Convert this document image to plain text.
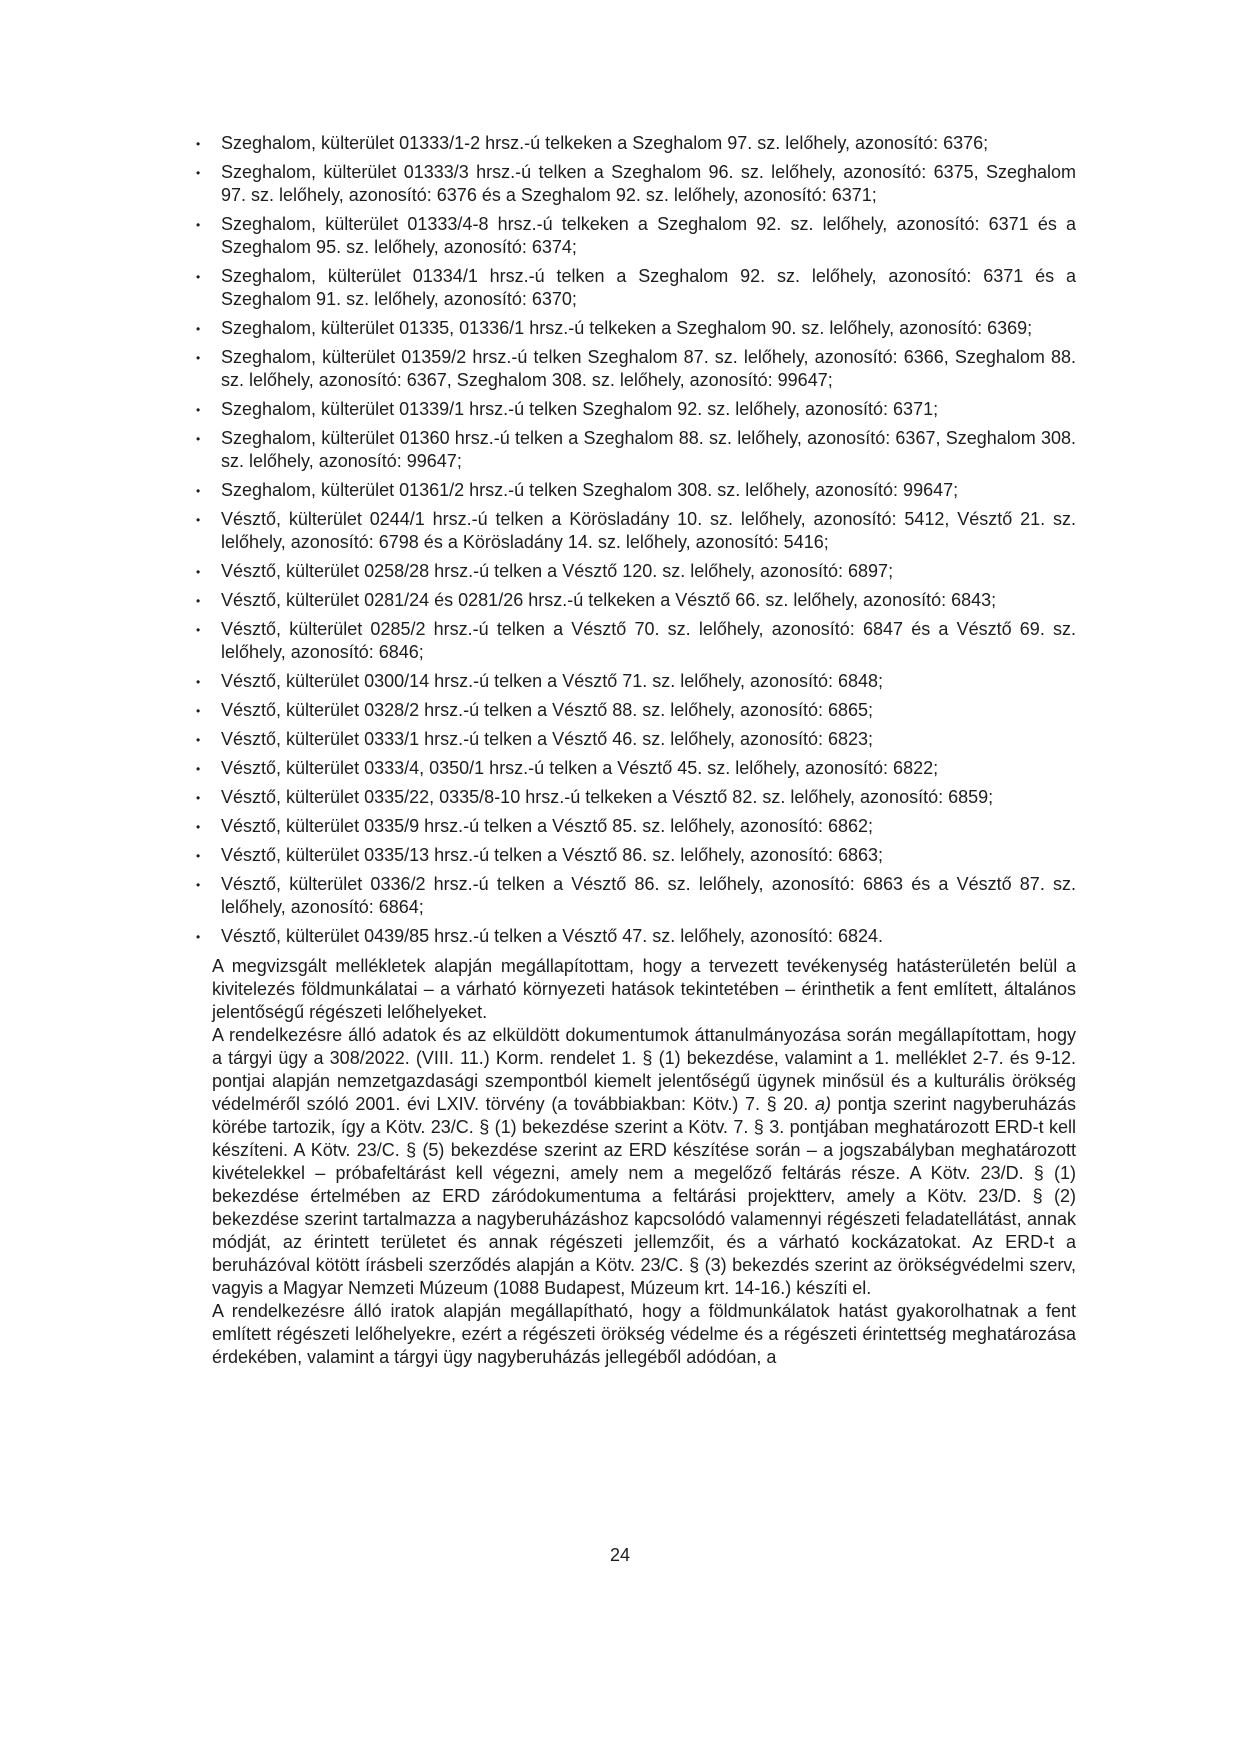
• Szeghalom, külterület 01333/1-2 hrsz.-ú telkeken a Szeghalom 97. sz. lelőhely, azonosító: 6376;
• Szeghalom, külterület 01333/3 hrsz.-ú telken a Szeghalom 96. sz. lelőhely, azonosító: 6375, Szeghalom 97. sz. lelőhely, azonosító: 6376 és a Szeghalom 92. sz. lelőhely, azonosító: 6371;
• Szeghalom, külterület 01333/4-8 hrsz.-ú telkeken a Szeghalom 92. sz. lelőhely, azonosító: 6371 és a Szeghalom 95. sz. lelőhely, azonosító: 6374;
• Szeghalom, külterület 01334/1 hrsz.-ú telken a Szeghalom 92. sz. lelőhely, azonosító: 6371 és a Szeghalom 91. sz. lelőhely, azonosító: 6370;
• Szeghalom, külterület 01335, 01336/1 hrsz.-ú telkeken a Szeghalom 90. sz. lelőhely, azonosító: 6369;
• Szeghalom, külterület 01359/2 hrsz.-ú telken Szeghalom 87. sz. lelőhely, azonosító: 6366, Szeghalom 88. sz. lelőhely, azonosító: 6367, Szeghalom 308. sz. lelőhely, azonosító: 99647;
• Szeghalom, külterület 01339/1 hrsz.-ú telken Szeghalom 92. sz. lelőhely, azonosító: 6371;
• Szeghalom, külterület 01360 hrsz.-ú telken a Szeghalom 88. sz. lelőhely, azonosító: 6367, Szeghalom 308. sz. lelőhely, azonosító: 99647;
• Szeghalom, külterület 01361/2 hrsz.-ú telken Szeghalom 308. sz. lelőhely, azonosító: 99647;
• Vésztő, külterület 0244/1 hrsz.-ú telken a Körösladány 10. sz. lelőhely, azonosító: 5412, Vésztő 21. sz. lelőhely, azonosító: 6798 és a Körösladány 14. sz. lelőhely, azonosító: 5416;
• Vésztő, külterület 0258/28 hrsz.-ú telken a Vésztő 120. sz. lelőhely, azonosító: 6897;
• Vésztő, külterület 0281/24 és 0281/26 hrsz.-ú telkeken a Vésztő 66. sz. lelőhely, azonosító: 6843;
• Vésztő, külterület 0285/2 hrsz.-ú telken a Vésztő 70. sz. lelőhely, azonosító: 6847 és a Vésztő 69. sz. lelőhely, azonosító: 6846;
• Vésztő, külterület 0300/14 hrsz.-ú telken a Vésztő 71. sz. lelőhely, azonosító: 6848;
• Vésztő, külterület 0328/2 hrsz.-ú telken a Vésztő 88. sz. lelőhely, azonosító: 6865;
• Vésztő, külterület 0333/1 hrsz.-ú telken a Vésztő 46. sz. lelőhely, azonosító: 6823;
• Vésztő, külterület 0333/4, 0350/1 hrsz.-ú telken a Vésztő 45. sz. lelőhely, azonosító: 6822;
• Vésztő, külterület 0335/22, 0335/8-10 hrsz.-ú telkeken a Vésztő 82. sz. lelőhely, azonosító: 6859;
• Vésztő, külterület 0335/9 hrsz.-ú telken a Vésztő 85. sz. lelőhely, azonosító: 6862;
• Vésztő, külterület 0335/13 hrsz.-ú telken a Vésztő 86. sz. lelőhely, azonosító: 6863;
• Vésztő, külterület 0336/2 hrsz.-ú telken a Vésztő 86. sz. lelőhely, azonosító: 6863 és a Vésztő 87. sz. lelőhely, azonosító: 6864;
• Vésztő, külterület 0439/85 hrsz.-ú telken a Vésztő 47. sz. lelőhely, azonosító: 6824.

A megvizsgált mellékletek alapján megállapítottam, hogy a tervezett tevékenység hatásterületén belül a kivitelezés földmunkálatai – a várható környezeti hatások tekintetében – érinthetik a fent említett, általános jelentőségű régészeti lelőhelyeket.

A rendelkezésre álló adatok és az elküldött dokumentumok áttanulmányozása során megállapítottam, hogy a tárgyi ügy a 308/2022. (VIII. 11.) Korm. rendelet 1. § (1) bekezdése, valamint a 1. melléklet 2-7. és 9-12. pontjai alapján nemzetgazdasági szempontból kiemelt jelentőségű ügynek minősül és a kulturális örökség védelméről szóló 2001. évi LXIV. törvény (a továbbiakban: Kötv.) 7. § 20. a) pontja szerint nagyberuházás körébe tartozik, így a Kötv. 23/C. § (1) bekezdése szerint a Kötv. 7. § 3. pontjában meghatározott ERD-t kell készíteni. A Kötv. 23/C. § (5) bekezdése szerint az ERD készítése során – a jogszabályban meghatározott kivételekkel – próbafeltárást kell végezni, amely nem a megelőző feltárás része. A Kötv. 23/D. § (1) bekezdése értelmében az ERD záródokumentuma a feltárási projektterv, amely a Kötv. 23/D. § (2) bekezdése szerint tartalmazza a nagyberuházáshoz kapcsolódó valamennyi régészeti feladatellátást, annak módját, az érintett területet és annak régészeti jellemzőit, és a várható kockázatokat. Az ERD-t a beruházóval kötött írásbeli szerződés alapján a Kötv. 23/C. § (3) bekezdés szerint az örökségvédelmi szerv, vagyis a Magyar Nemzeti Múzeum (1088 Budapest, Múzeum krt. 14-16.) készíti el.

A rendelkezésre álló iratok alapján megállapítható, hogy a földmunkálatok hatást gyakorolhatnak a fent említett régészeti lelőhelyekre, ezért a régészeti örökség védelme és a régészeti érintettség meghatározása érdekében, valamint a tárgyi ügy nagyberuházás jellegéből adódóan, a

24
